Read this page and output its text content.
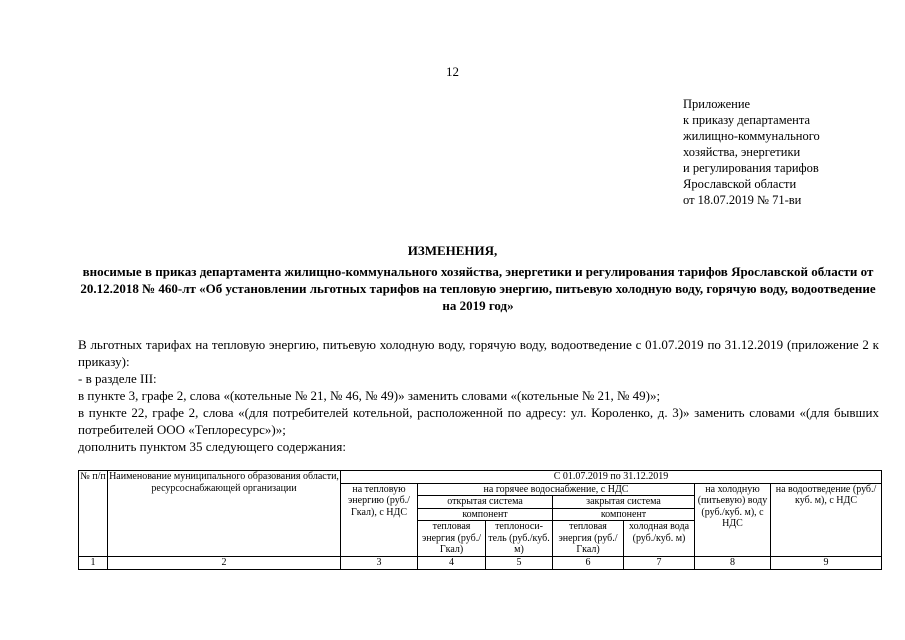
12
Приложение
к приказу департамента
жилищно-коммунального
хозяйства, энергетики
и регулирования тарифов
Ярославской области
от 18.07.2019 № 71-ви
ИЗМЕНЕНИЯ,
вносимые в приказ департамента жилищно-коммунального хозяйства, энергетики и регулирования тарифов Ярославской области от 20.12.2018 № 460-лт «Об установлении льготных тарифов на тепловую энергию, питьевую холодную воду, горячую воду, водоотведение на 2019 год»

В льготных тарифах на тепловую энергию, питьевую холодную воду, горячую воду, водоотведение с 01.07.2019 по 31.12.2019 (приложение 2 к приказу):

- в разделе III:

в пункте 3, графе 2, слова «(котельные № 21, № 46, № 49)» заменить словами «(котельные № 21, № 49)»;

в пункте 22, графе 2, слова «(для потребителей котельной, расположенной по адресу: ул. Короленко, д. 3)» заменить словами «(для бывших потребителей ООО «Теплоресурс»)»;

дополнить пунктом 35 следующего содержания:

№ п/п	Наименование муниципального образования области, ресурсоснабжающей организации	С 01.07.2019 по 31.12.2019						
		на тепловую энергию (руб./Гкал), с НДС	на горячее водоснабжение, с НДС				на холодную (питьевую) воду (руб./куб. м), с НДС	на водоотведение (руб./куб. м), с НДС
			открытая система		закрытая система			
			компонент		компонент			
			тепловая энергия (руб./Гкал)	теплоноси-тель (руб./куб. м)	тепловая энергия (руб./Гкал)	холодная вода (руб./куб. м)		
1	2	3	4	5	6	7	8	9
